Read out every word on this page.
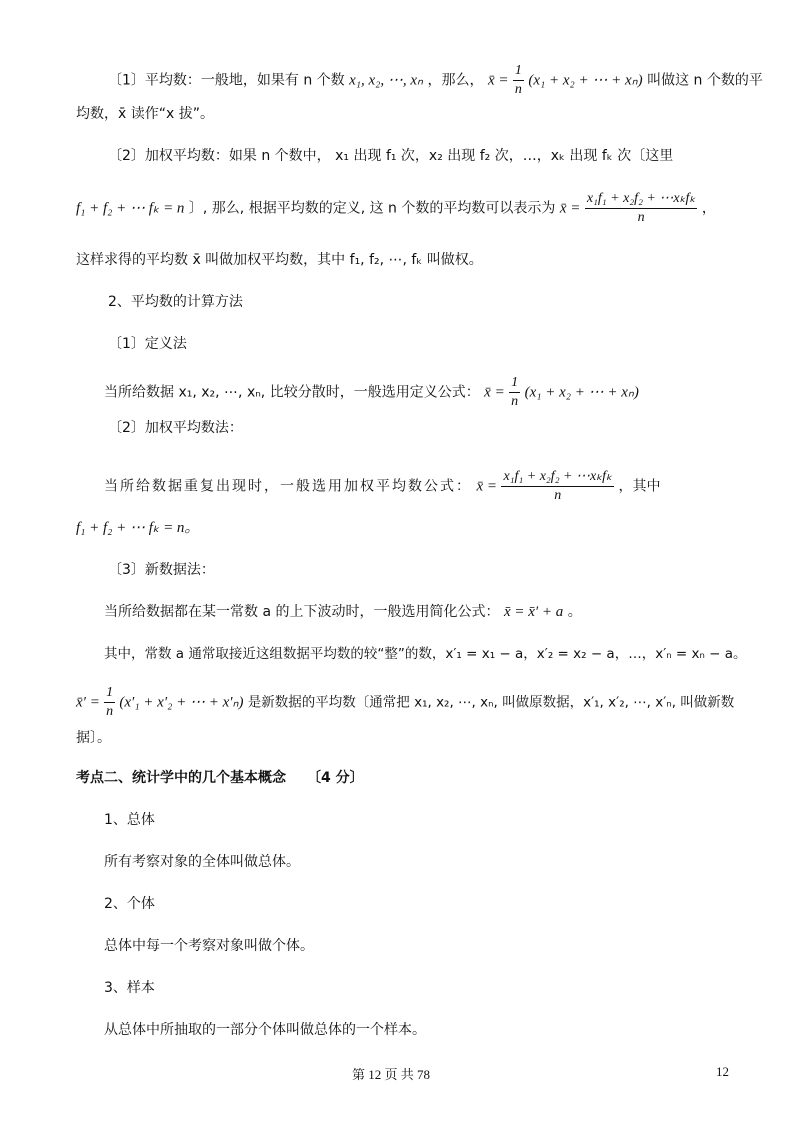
〔1〕平均数：一般地，如果有 n 个数 x₁, x₂, ⋯, xₙ ，那么， x̄ = $\frac{1}{n} (x_1 + x_2$ + ⋯ + xₙ) 叫做这 n 个数的平
均数，x̄ 读作“x 拔”。
〔2〕加权平均数：如果 n 个数中， x₁ 出现 f₁ 次，x₂ 出现 f₂ 次，…，xₖ 出现 fₖ 次〔这里
f₁ + f₂ + ⋯ fₖ = n 〕, 那么, 根据平均数的定义, 这 n 个数的平均数可以表示为 x̄ = $\frac{\text{x₁f₁ + x₂f₂ + ⋯xₖfₖ}}{n}$ ，
这样求得的平均数 x̄ 叫做加权平均数，其中 f₁, f₂, ⋯, fₖ 叫做权。
2、平均数的计算方法
〔1〕定义法
当所给数据 x₁, x₂, ⋯, xₙ, 比较分散时，一般选用定义公式： x̄ = $\frac{1}{n} (x_1 + x_2$ + ⋯ + xₙ)
〔2〕加权平均数法：
当所给数据重复出现时，一般选用加权平均数公式： x̄ = $\frac{\text{x₁f₁ + x₂f₂ + ⋯xₖfₖ}}{n}$ ，其中
f₁ + f₂ + ⋯ fₖ = n。
〔3〕新数据法：
当所给数据都在某一常数 a 的上下波动时，一般选用简化公式： x̄ = x̄′ + a 。
其中，常数 a 通常取接近这组数据平均数的较“整”的数，x′₁ = x₁ − a，x′₂ = x₂ − a，…，x′ₙ = xₙ − a。
x̄′ = $\frac{1}{n} (x'_1 + x'_2$ + ⋯ + x′ₙ) 是新数据的平均数〔通常把 x₁, x₂, ⋯, xₙ, 叫做原数据，x′₁, x′₂, ⋯, x′ₙ, 叫做新数
据〕。
考点二、统计学中的几个基本概念　　〔4 分〕
1、总体
所有考察对象的全体叫做总体。
2、个体
总体中每一个考察对象叫做个体。
3、样本
从总体中所抽取的一部分个体叫做总体的一个样本。
第 12 页 共 78	12
